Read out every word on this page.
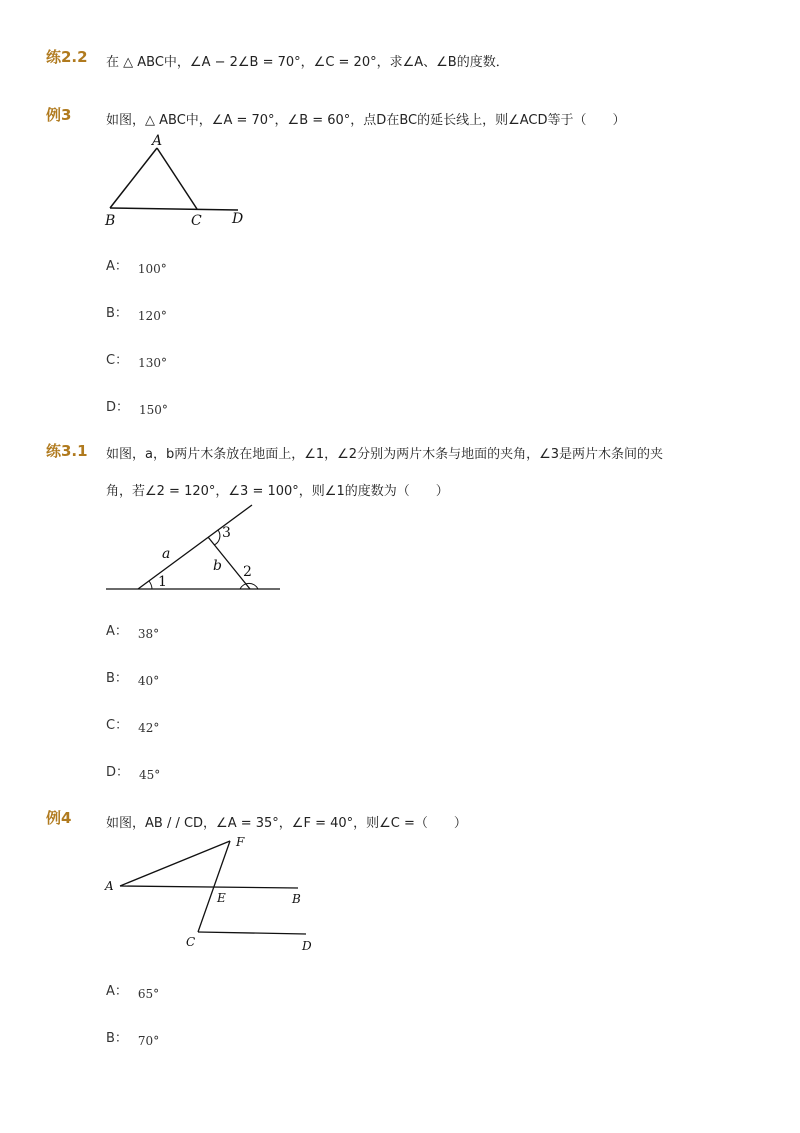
练2.2 在 △ ABC中，∠A − 2∠B = 70°，∠C = 20°，求∠A、∠B的度数．
例3	如图，△ ABC中，∠A = 70°，∠B = 60°，点D在BC的延长线上，则∠ACD等于（　　）
A
B	C D
A： 100°
B： 120°
C： 130°
D： 150°
练3.1 如图，a，b两片木条放在地面上，∠1，∠2分别为两片木条与地面的夹角，∠3是两片木条间的夹
角，若∠2 = 120°，∠3 = 100°，则∠1的度数为（　　）
a
b
1
2
3
A： 38°
B： 40°
C： 42°
D： 45°
例4	如图，AB / / CD，∠A = 35°，∠F = 40°，则∠C =（　　）
A
B
C	D
E
F
A： 65°
B： 70°
